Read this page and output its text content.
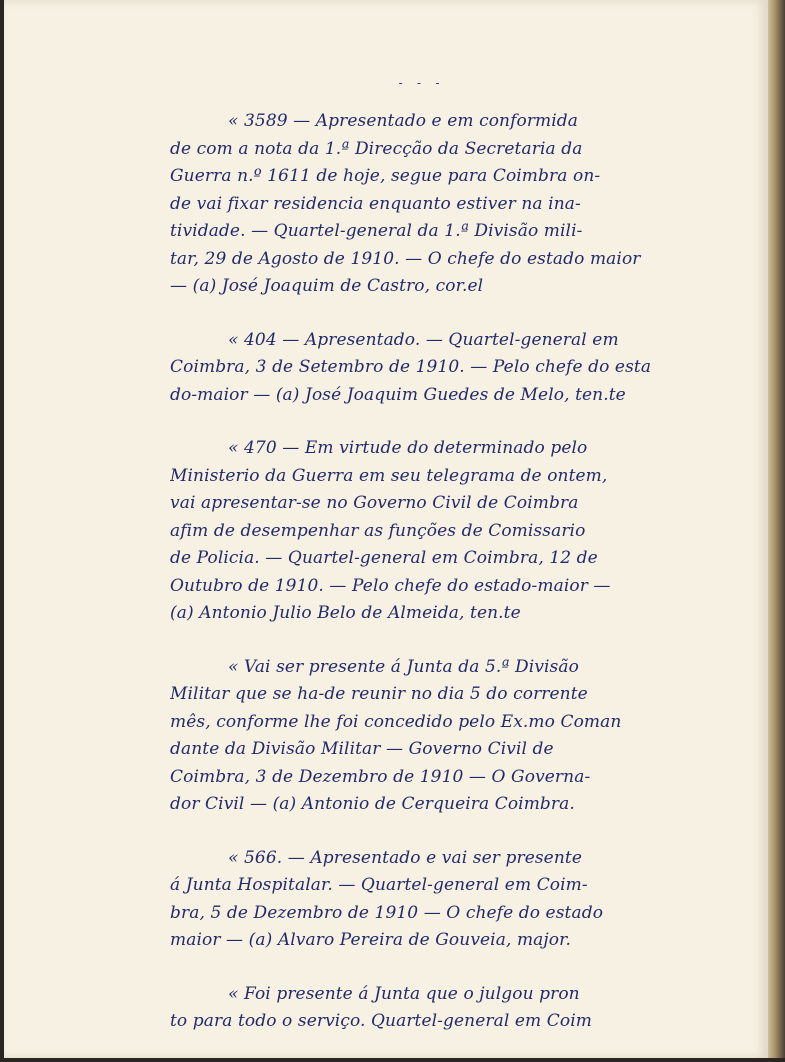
- - -
« 3589 — Apresentado e em conformida
de com a nota da 1.ª Direcção da Secretaria da
Guerra n.º 1611 de hoje, segue para Coimbra on-
de vai fixar residencia enquanto estiver na ina-
tividade. — Quartel-general da 1.ª Divisão mili-
tar, 29 de Agosto de 1910. — O chefe do estado maior
— (a) José Joaquim de Castro, cor.el
« 404 — Apresentado. — Quartel-general em
Coimbra, 3 de Setembro de 1910. — Pelo chefe do esta
do-maior — (a) José Joaquim Guedes de Melo, ten.te
« 470 — Em virtude do determinado pelo
Ministerio da Guerra em seu telegrama de ontem,
vai apresentar-se no Governo Civil de Coimbra
afim de desempenhar as funções de Comissario
de Policia. — Quartel-general em Coimbra, 12 de
Outubro de 1910. — Pelo chefe do estado-maior —
(a) Antonio Julio Belo de Almeida, ten.te
« Vai ser presente á Junta da 5.ª Divisão
Militar que se ha-de reunir no dia 5 do corrente
mês, conforme lhe foi concedido pelo Ex.mo Coman
dante da Divisão Militar — Governo Civil de
Coimbra, 3 de Dezembro de 1910 — O Governa-
dor Civil — (a) Antonio de Cerqueira Coimbra.
« 566. — Apresentado e vai ser presente
á Junta Hospitalar. — Quartel-general em Coim-
bra, 5 de Dezembro de 1910 — O chefe do estado
maior — (a) Alvaro Pereira de Gouveia, major.
« Foi presente á Junta que o julgou pron
to para todo o serviço. Quartel-general em Coim
